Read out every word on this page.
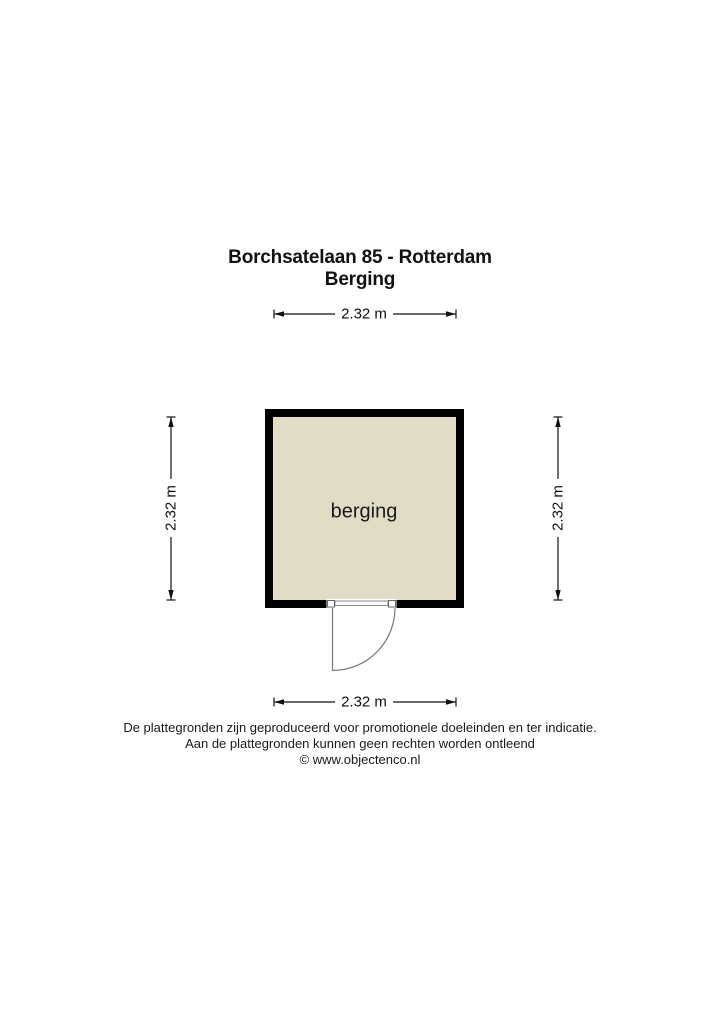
Borchsatelaan 85 - Rotterdam
Berging
2.32 m
2.32 m
2.32 m	2.32 m
berging
De plattegronden zijn geproduceerd voor promotionele doeleinden en ter indicatie.
Aan de plattegronden kunnen geen rechten worden ontleend
© www.objectenco.nl
